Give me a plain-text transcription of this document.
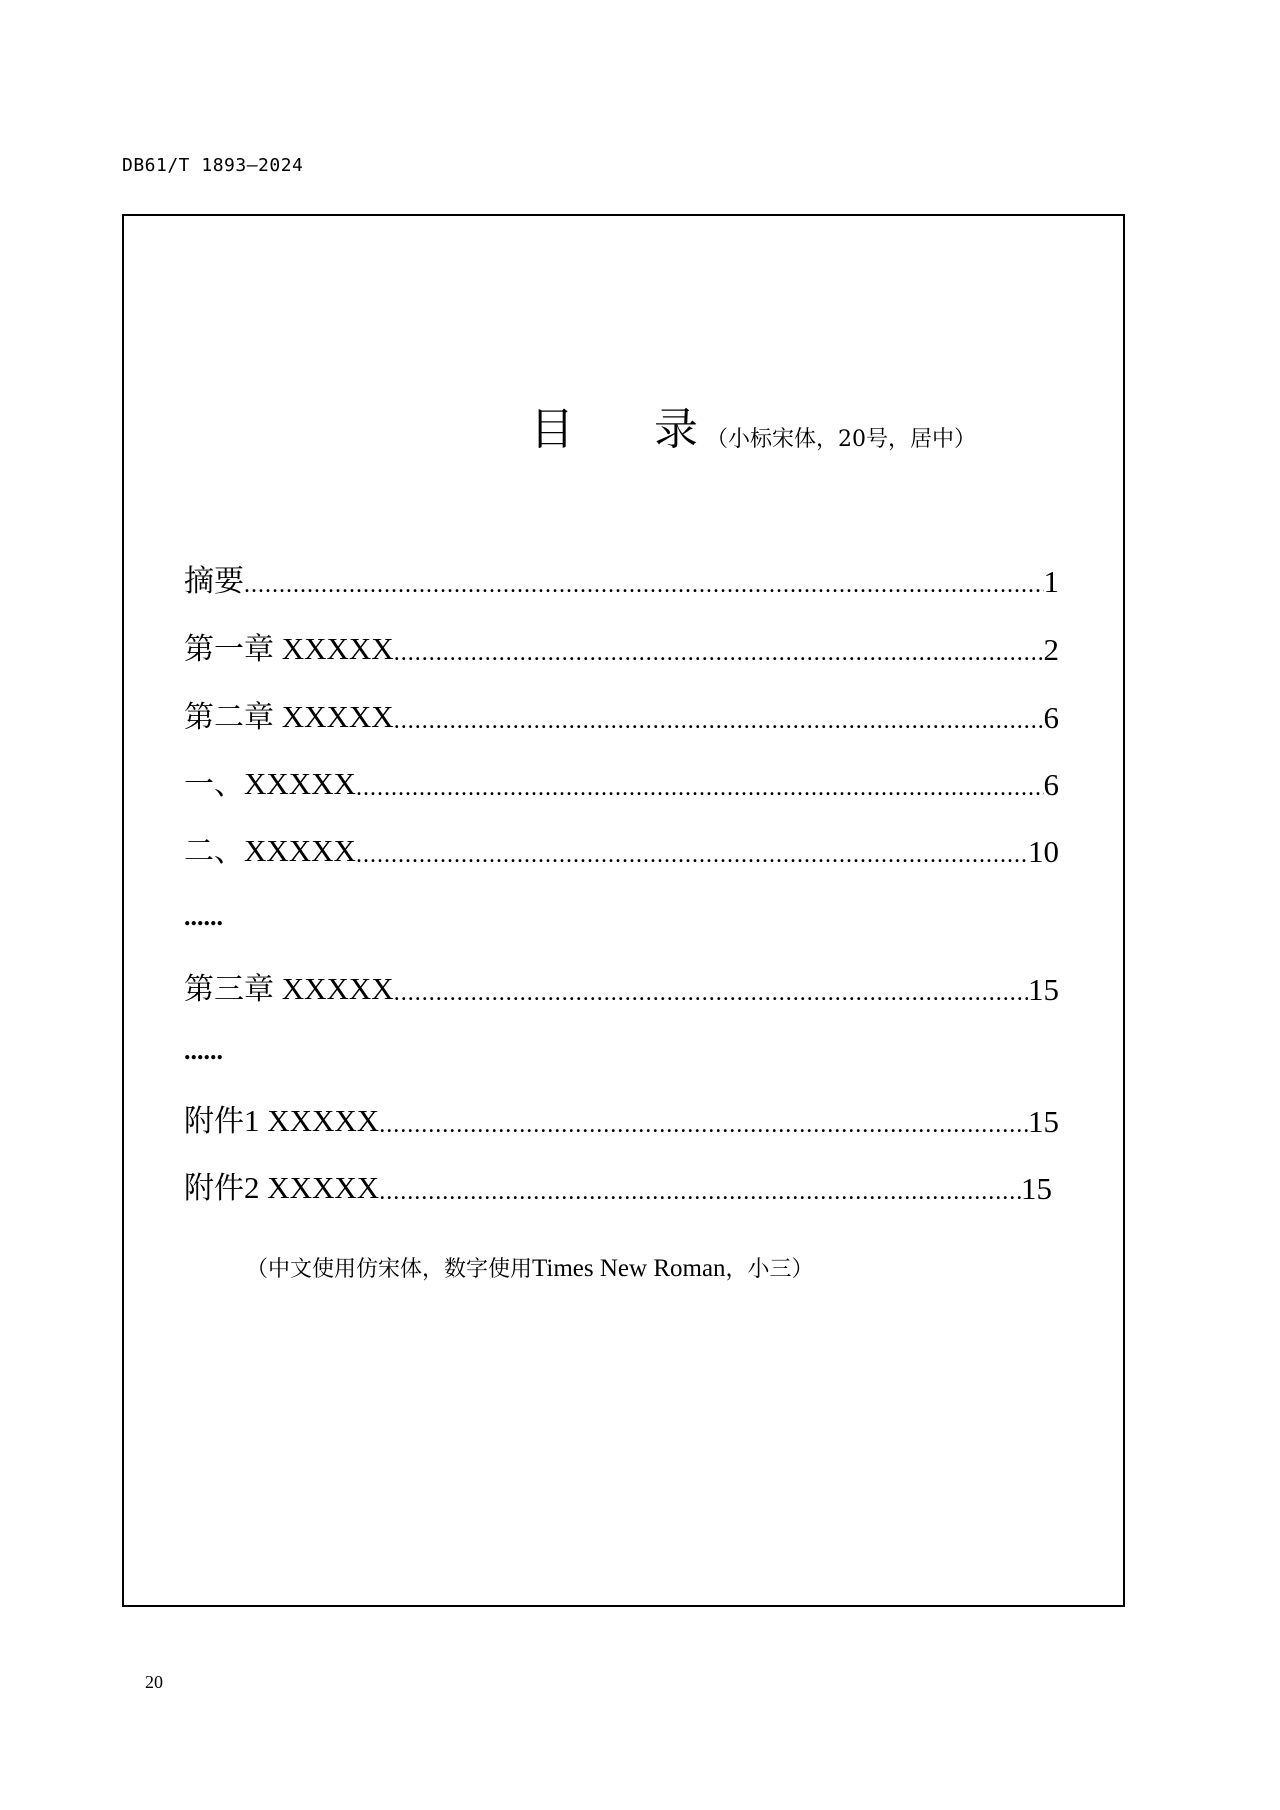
DB61/T 1893—2024
目 录 （小标宋体，20号，居中）
摘要 .....	1
第一章 XXXXX .....	2
第二章 XXXXX .....	6
一、XXXXX .....	6
二、XXXXX .....	10
......
第三章 XXXXX .....	15
......
附件1 XXXXX .....	15
附件2 XXXXX .....	15
（中文使用仿宋体，数字使用Times New Roman，小三）
20
